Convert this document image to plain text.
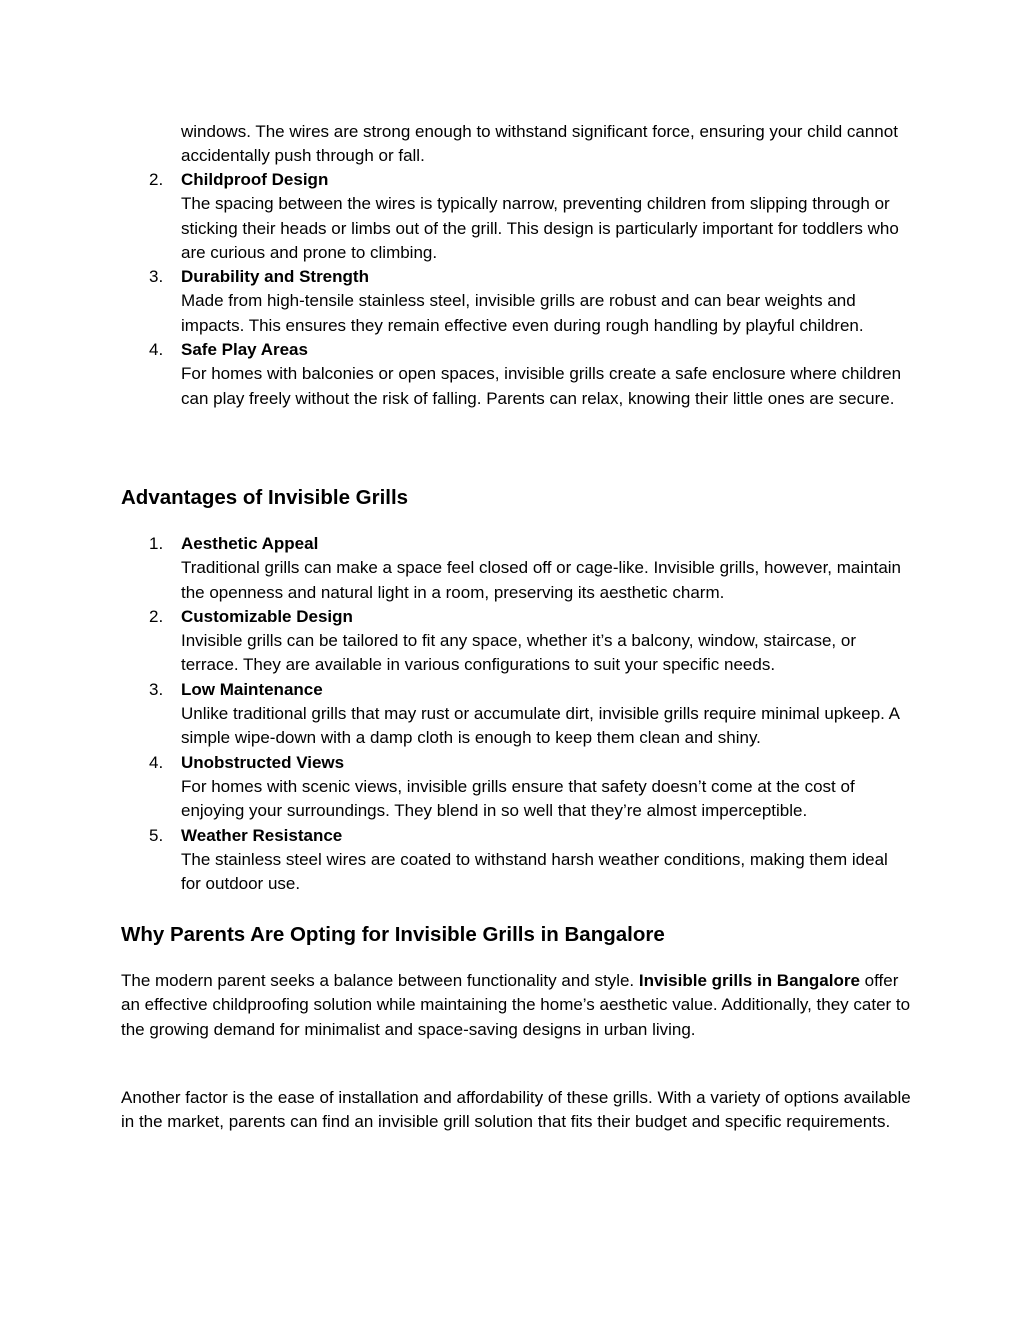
windows. The wires are strong enough to withstand significant force, ensuring your child cannot accidentally push through or fall.

2.	Childproof Design
The spacing between the wires is typically narrow, preventing children from slipping through or sticking their heads or limbs out of the grill. This design is particularly important for toddlers who are curious and prone to climbing.
3.	Durability and Strength
Made from high-tensile stainless steel, invisible grills are robust and can bear weights and impacts. This ensures they remain effective even during rough handling by playful children.
4.	Safe Play Areas
For homes with balconies or open spaces, invisible grills create a safe enclosure where children can play freely without the risk of falling. Parents can relax, knowing their little ones are secure.
Advantages of Invisible Grills
1.	Aesthetic Appeal
Traditional grills can make a space feel closed off or cage-like. Invisible grills, however, maintain the openness and natural light in a room, preserving its aesthetic charm.
2.	Customizable Design
Invisible grills can be tailored to fit any space, whether it’s a balcony, window, staircase, or terrace. They are available in various configurations to suit your specific needs.
3.	Low Maintenance
Unlike traditional grills that may rust or accumulate dirt, invisible grills require minimal upkeep. A simple wipe-down with a damp cloth is enough to keep them clean and shiny.
4.	Unobstructed Views
For homes with scenic views, invisible grills ensure that safety doesn’t come at the cost of enjoying your surroundings. They blend in so well that they’re almost imperceptible.
5.	Weather Resistance
The stainless steel wires are coated to withstand harsh weather conditions, making them ideal for outdoor use.
Why Parents Are Opting for Invisible Grills in Bangalore

The modern parent seeks a balance between functionality and style. Invisible grills in Bangalore offer an effective childproofing solution while maintaining the home’s aesthetic value. Additionally, they cater to the growing demand for minimalist and space-saving designs in urban living.

Another factor is the ease of installation and affordability of these grills. With a variety of options available in the market, parents can find an invisible grill solution that fits their budget and specific requirements.
